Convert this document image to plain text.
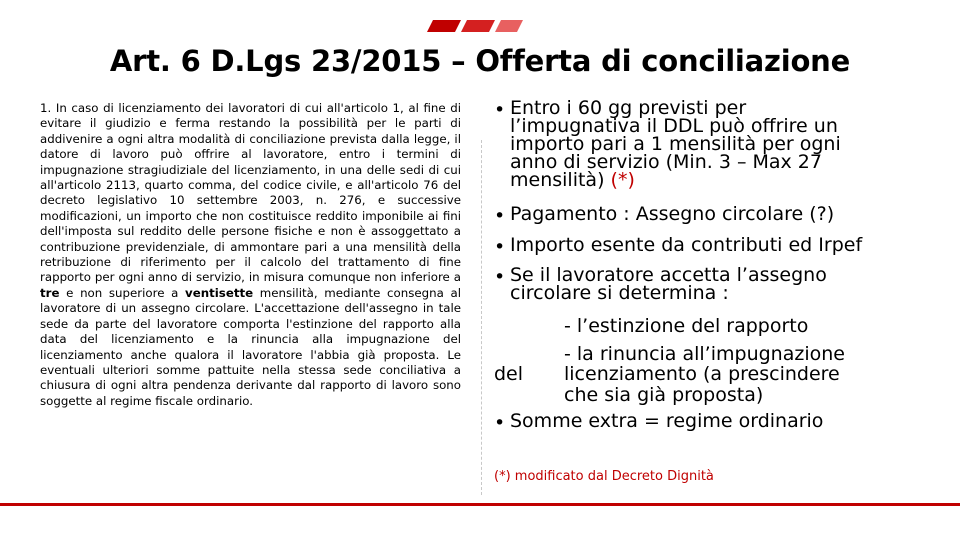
Art. 6 D.Lgs 23/2015 – Offerta di conciliazione

1. In caso di licenziamento dei lavoratori di cui all'articolo 1, al fine di evitare il giudizio e ferma restando la possibilità per le parti di addivenire a ogni altra modalità di conciliazione prevista dalla legge, il datore di lavoro può offrire al lavoratore, entro i termini di impugnazione stragiudiziale del licenziamento, in una delle sedi di cui all'articolo 2113, quarto comma, del codice civile, e all'articolo 76 del decreto legislativo 10 settembre 2003, n. 276, e successive modificazioni, un importo che non costituisce reddito imponibile ai fini dell'imposta sul reddito delle persone fisiche e non è assoggettato a contribuzione previdenziale, di ammontare pari a una mensilità della retribuzione di riferimento per il calcolo del trattamento di fine rapporto per ogni anno di servizio, in misura comunque non inferiore a tre e non superiore a ventisette mensilità, mediante consegna al lavoratore di un assegno circolare. L'accettazione dell'assegno in tale sede da parte del lavoratore comporta l'estinzione del rapporto alla data del licenziamento e la rinuncia alla impugnazione del licenziamento anche qualora il lavoratore l'abbia già proposta. Le eventuali ulteriori somme pattuite nella stessa sede conciliativa a chiusura di ogni altra pendenza derivante dal rapporto di lavoro sono soggette al regime fiscale ordinario.

• Entro i 60 gg previsti per
l’impugnativa il DDL può offrire un
importo pari a 1 mensilità per ogni
anno di servizio (Min. 3 – Max 27
mensilità) (*)
• Pagamento : Assegno circolare (?)
• Importo esente da contributi ed Irpef
• Se il lavoratore accetta l’assegno
circolare si determina :
- l’estinzione del rapporto
- la rinuncia all’impugnazione
del licenziamento (a prescindere
che sia già proposta)
• Somme extra = regime ordinario
(*) modificato dal Decreto Dignità
